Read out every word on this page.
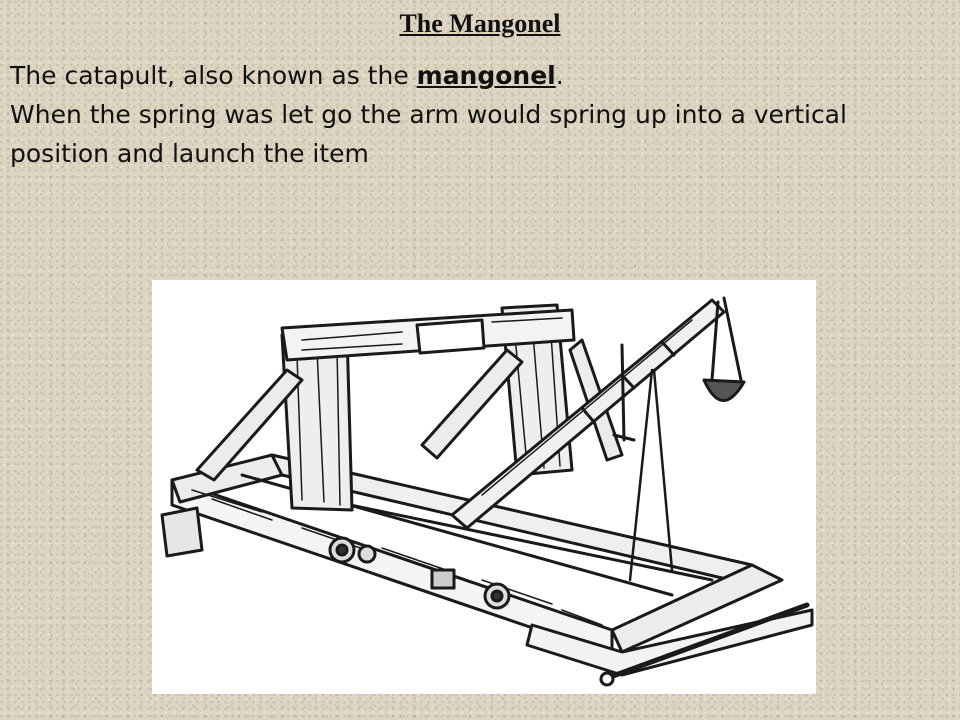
The Mangonel

The catapult, also known as the mangonel.

When the spring was let go the arm would spring up into a vertical position and launch the item
